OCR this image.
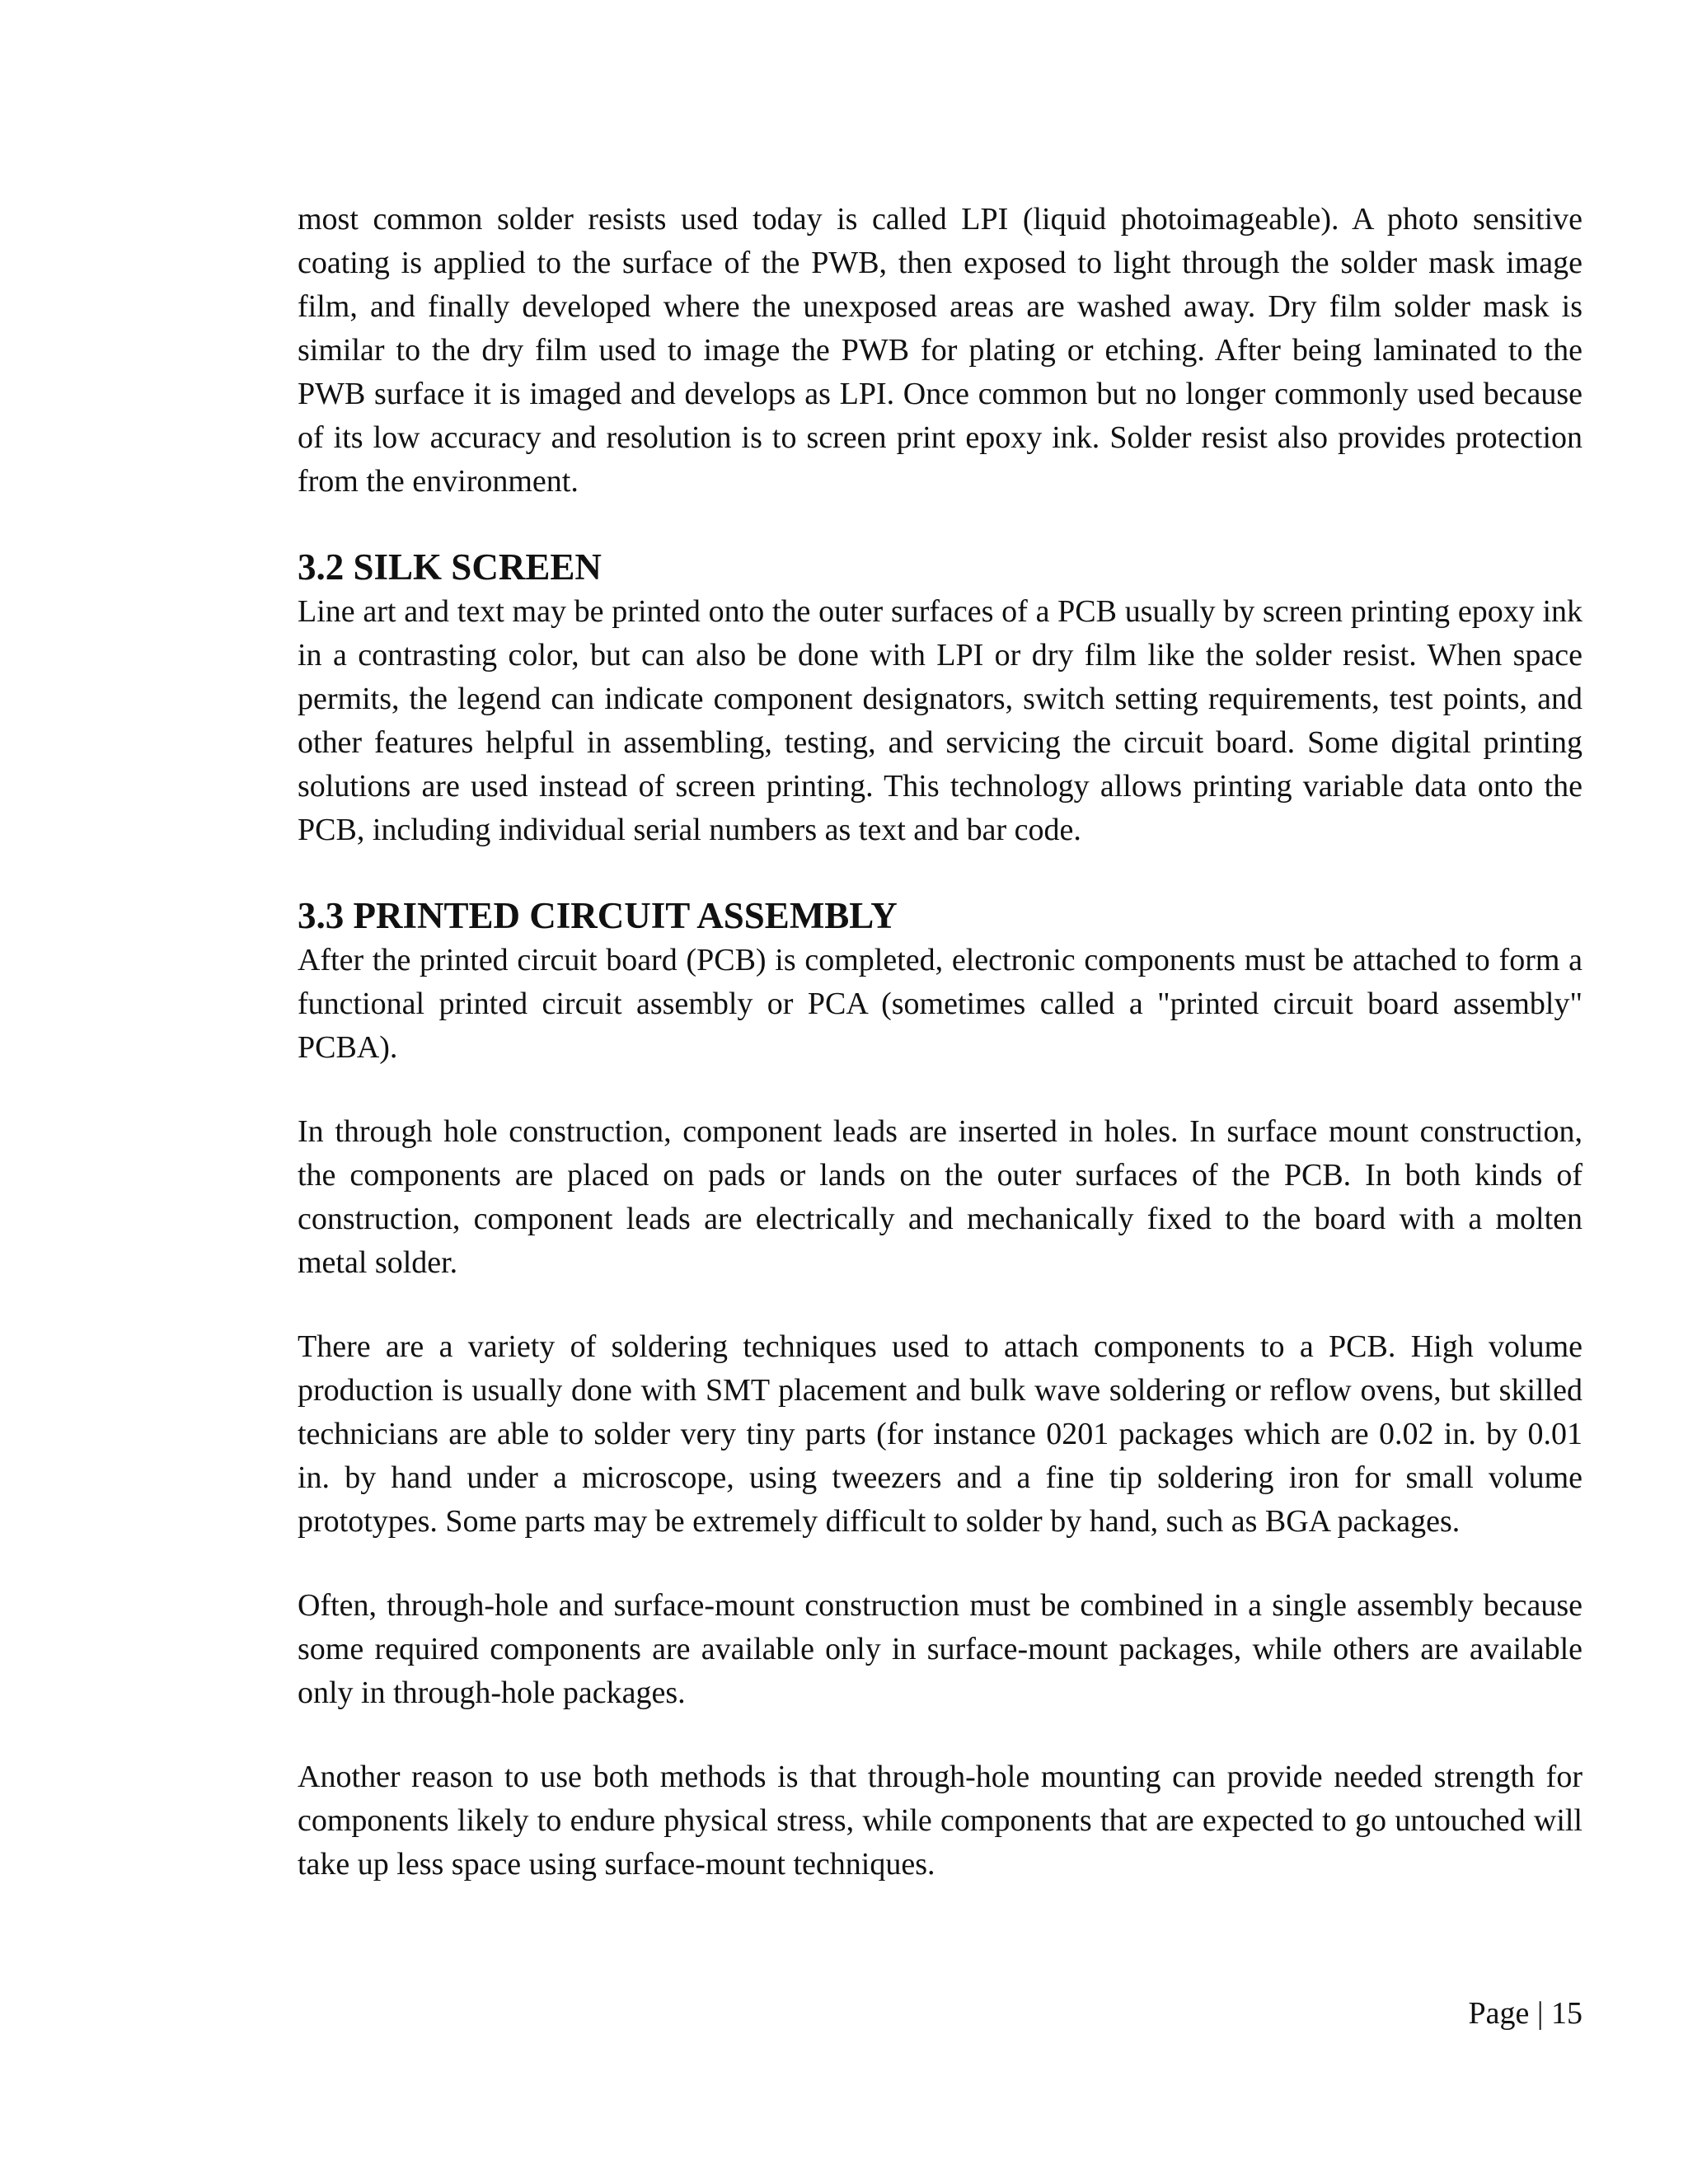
most common solder resists used today is called LPI (liquid photoimageable). A photo sensitive coating is applied to the surface of the PWB, then exposed to light through the solder mask image film, and finally developed where the unexposed areas are washed away. Dry film solder mask is similar to the dry film used to image the PWB for plating or etching. After being laminated to the PWB surface it is imaged and develops as LPI. Once common but no longer commonly used because of its low accuracy and resolution is to screen print epoxy ink. Solder resist also provides protection from the environment.

3.2 SILK SCREEN

Line art and text may be printed onto the outer surfaces of a PCB usually by screen printing epoxy ink in a contrasting color, but can also be done with LPI or dry film like the solder resist. When space permits, the legend can indicate component designators, switch setting requirements, test points, and other features helpful in assembling, testing, and servicing the circuit board. Some digital printing solutions are used instead of screen printing. This technology allows printing variable data onto the PCB, including individual serial numbers as text and bar code.

3.3 PRINTED CIRCUIT ASSEMBLY

After the printed circuit board (PCB) is completed, electronic components must be attached to form a functional printed circuit assembly or PCA (sometimes called a "printed circuit board assembly" PCBA).

In through hole construction, component leads are inserted in holes. In surface mount construction, the components are placed on pads or lands on the outer surfaces of the PCB. In both kinds of construction, component leads are electrically and mechanically fixed to the board with a molten metal solder.

There are a variety of soldering techniques used to attach components to a PCB. High volume production is usually done with SMT placement and bulk wave soldering or reflow ovens, but skilled technicians are able to solder very tiny parts (for instance 0201 packages which are 0.02 in. by 0.01 in. by hand under a microscope, using tweezers and a fine tip soldering iron for small volume prototypes. Some parts may be extremely difficult to solder by hand, such as BGA packages.

Often, through-hole and surface-mount construction must be combined in a single assembly because some required components are available only in surface-mount packages, while others are available only in through-hole packages.

Another reason to use both methods is that through-hole mounting can provide needed strength for components likely to endure physical stress, while components that are expected to go untouched will take up less space using surface-mount techniques.

Page | 15
